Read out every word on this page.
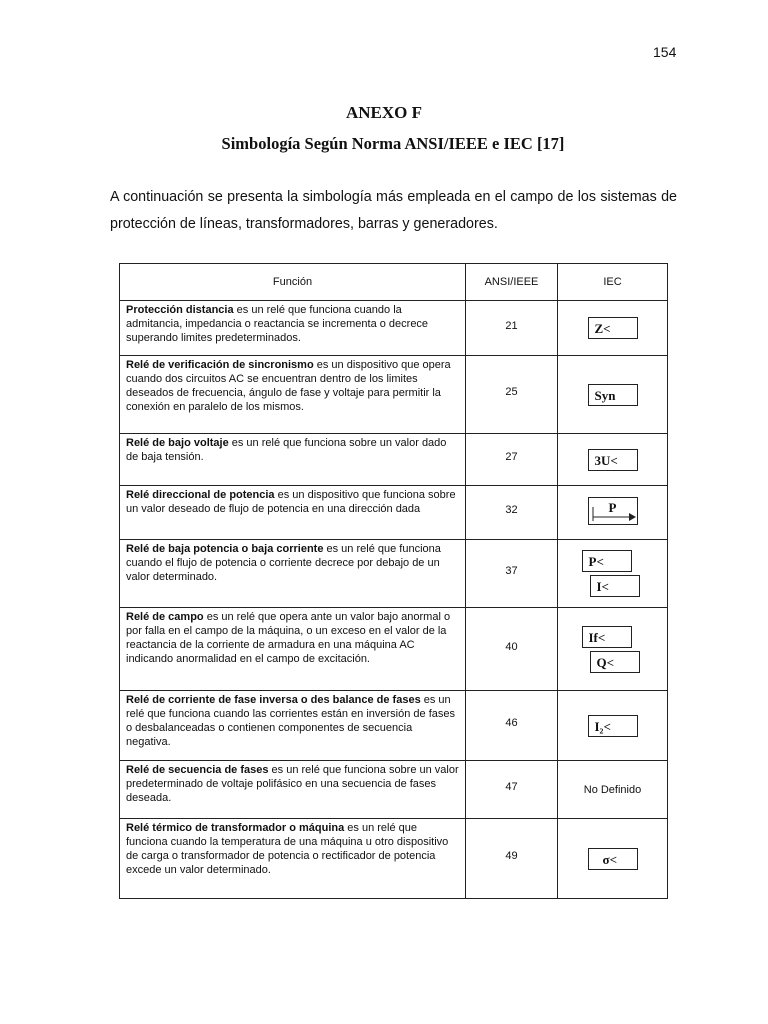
154
ANEXO F
Simbología Según Norma ANSI/IEEE e IEC [17]

A continuación se presenta la simbología más empleada en el campo de los sistemas de protección de líneas, transformadores, barras y generadores.

Función	ANSI/IEEE	IEC
Protección distancia es un relé que funciona cuando la admitancia, impedancia o reactancia se incrementa o decrece superando limites predeterminados.	21	Z<
Relé de verificación de sincronismo es un dispositivo que opera cuando dos circuitos AC se encuentran dentro de los limites deseados de frecuencia, ángulo de fase y voltaje para permitir la conexión en paralelo de los mismos.	25	Syn
Relé de bajo voltaje es un relé que funciona sobre un valor dado de baja tensión.	27	3U<
Relé direccional de potencia es un dispositivo que funciona sobre un valor deseado de flujo de potencia en una dirección dada	32	P

Relé de baja potencia o baja corriente es un relé que funciona cuando el flujo de potencia o corriente decrece por debajo de un valor determinado.	37	P<
I<

Relé de campo es un relé que opera ante un valor bajo anormal o por falla en el campo de la máquina, o un exceso en el valor de la reactancia de la corriente de armadura en una máquina AC indicando anormalidad en el campo de excitación.	40	If<
Q<

Relé de corriente de fase inversa o des balance de fases es un relé que funciona cuando las corrientes están en inversión de fases o desbalanceadas o contienen componentes de secuencia negativa.	46	I₂<
Relé de secuencia de fases es un relé que funciona sobre un valor predeterminado de voltaje polifásico en una secuencia de fases deseada.	47	No Definido
Relé térmico de transformador o máquina es un relé que funciona cuando la temperatura de una máquina u otro dispositivo de carga o transformador de potencia o rectificador de potencia excede un valor determinado.	49	σ<
